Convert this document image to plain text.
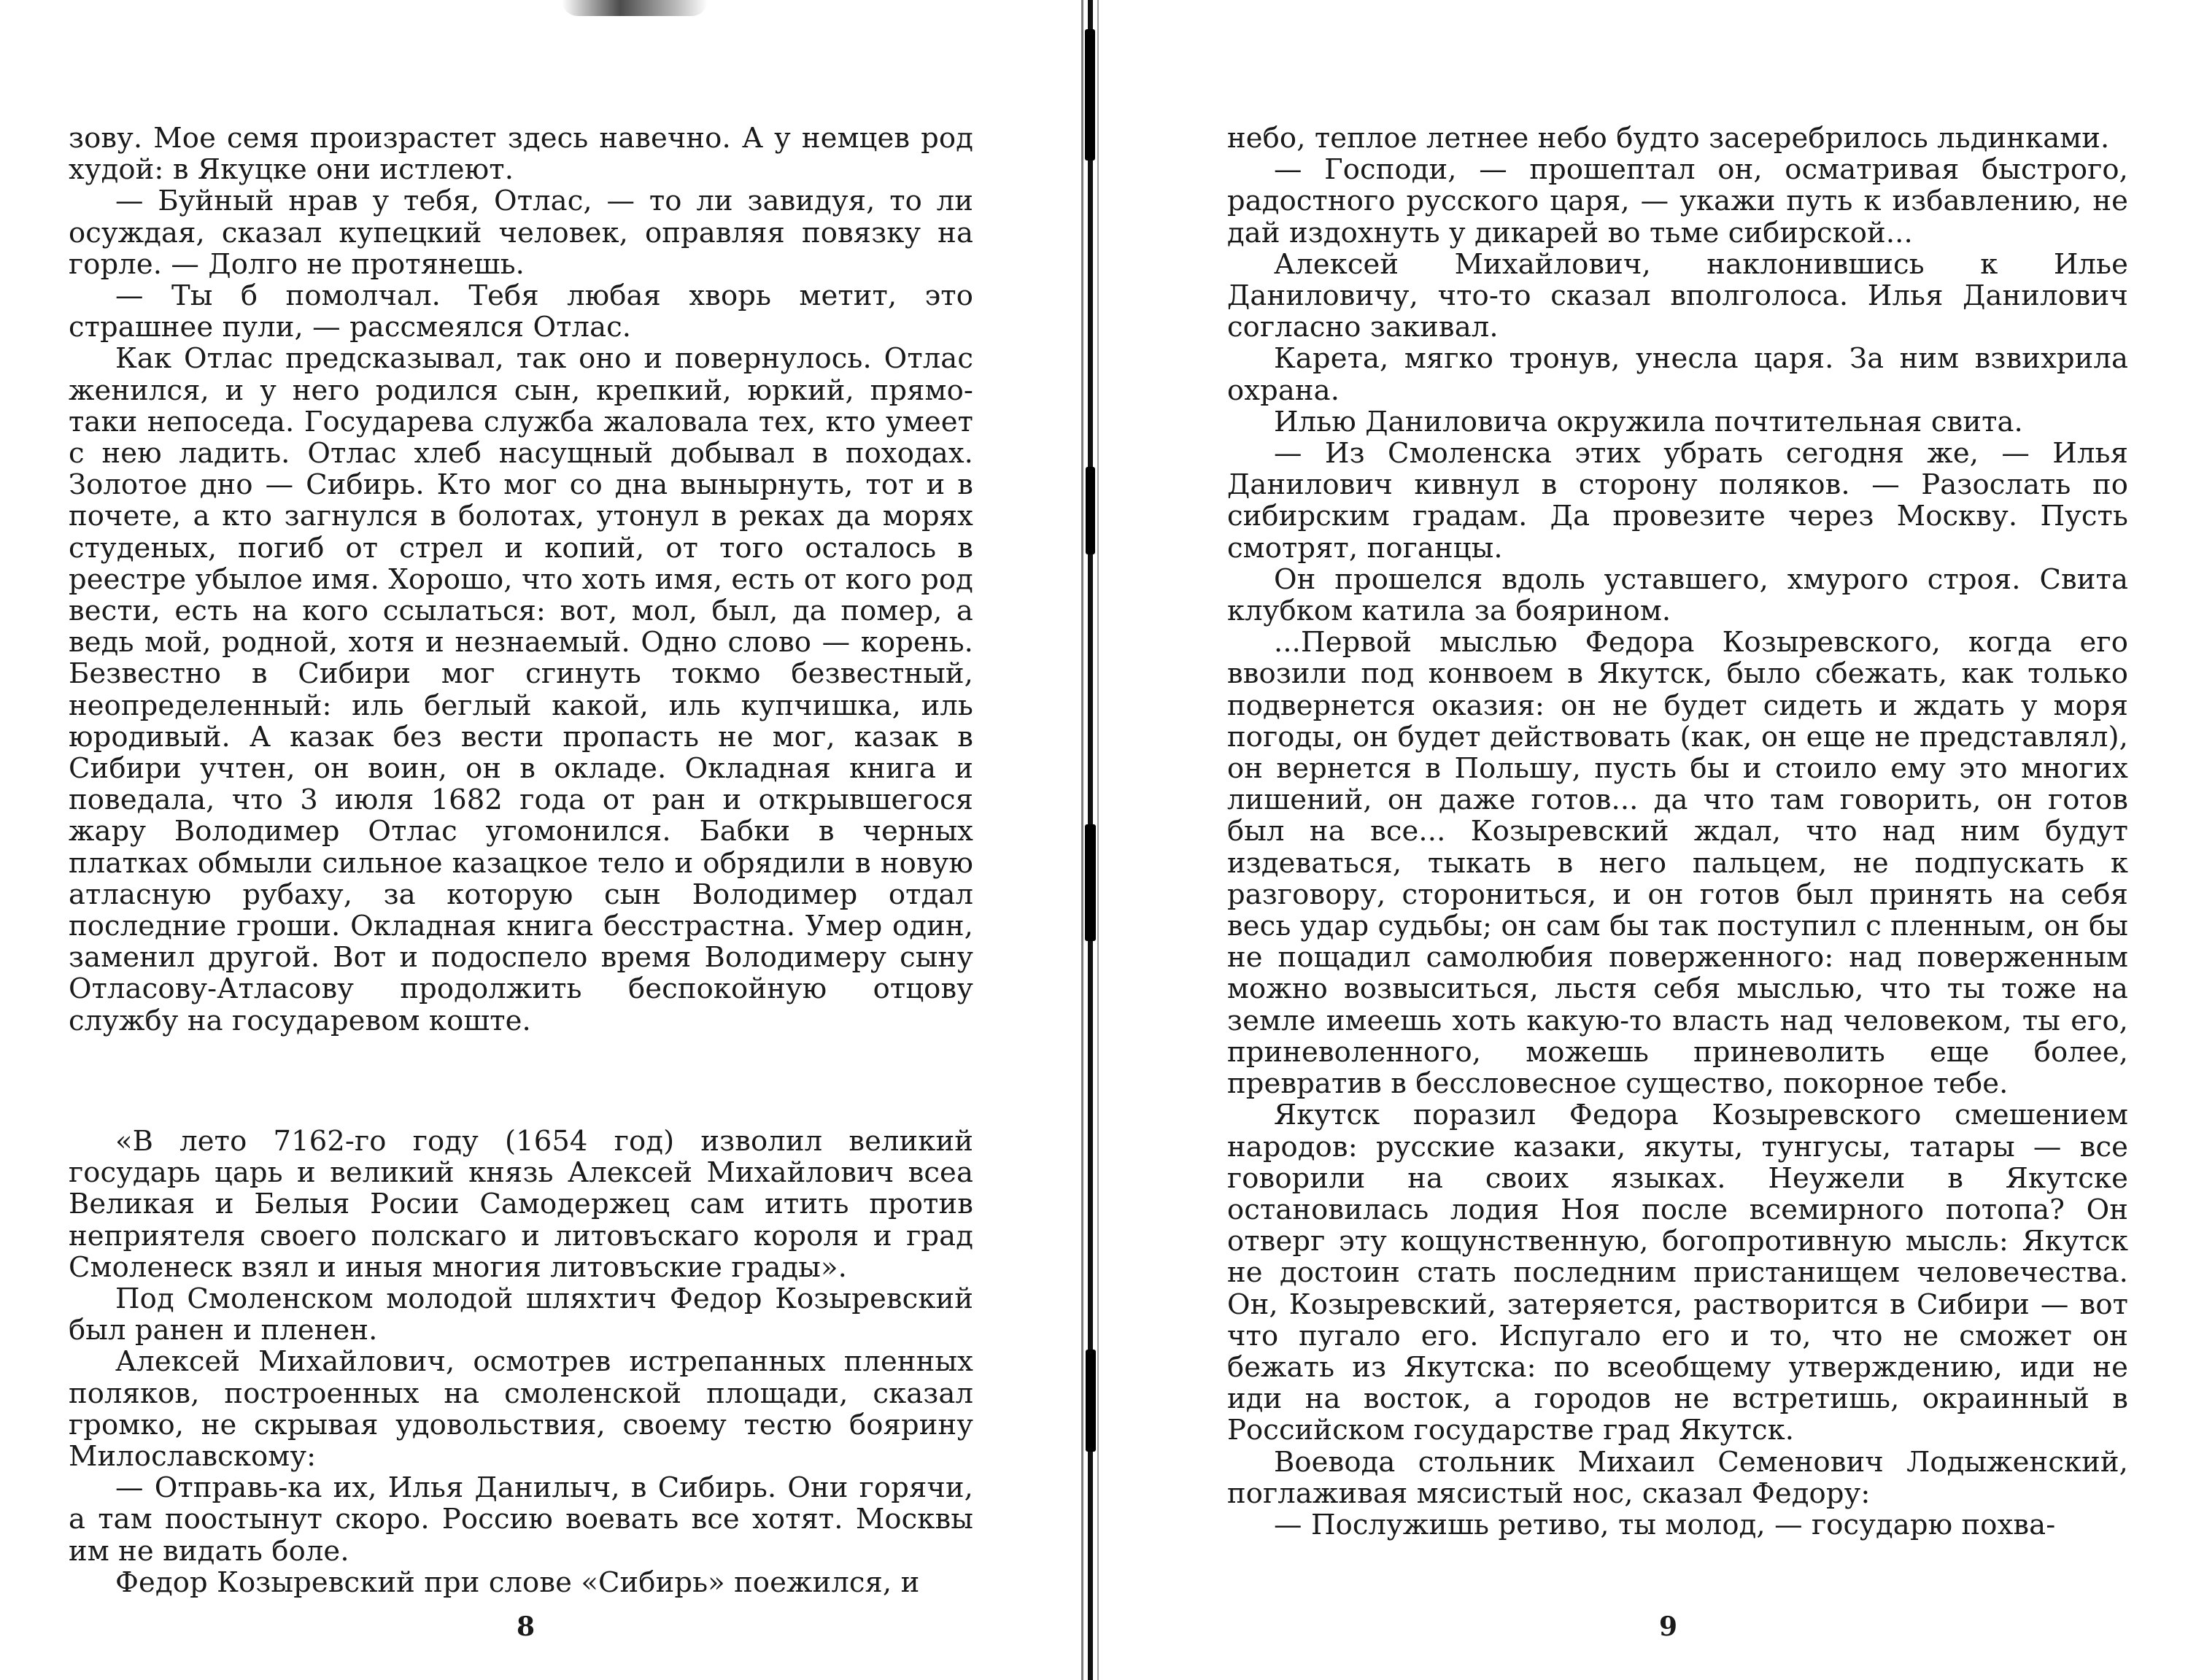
зову. Мое семя произрастет здесь навечно. А у немцев род худой: в Якуцке они истлеют.

— Буйный нрав у тебя, Отлас, — то ли завидуя, то ли осуждая, сказал купецкий человек, оправляя повязку на горле. — Долго не протянешь.

— Ты б помолчал. Тебя любая хворь метит, это страшнее пули, — рассмеялся Отлас.

Как Отлас предсказывал, так оно и повернулось. Отлас женился, и у него родился сын, крепкий, юркий, прямо-таки непоседа. Государева служба жаловала тех, кто умеет с нею ладить. Отлас хлеб насущный добывал в походах. Золотое дно — Сибирь. Кто мог со дна вынырнуть, тот и в почете, а кто загнулся в болотах, утонул в реках да морях студеных, погиб от стрел и копий, от того осталось в реестре убылое имя. Хорошо, что хоть имя, есть от кого род вести, есть на кого ссылаться: вот, мол, был, да помер, а ведь мой, родной, хотя и незнаемый. Одно слово — корень. Безвестно в Сибири мог сгинуть токмо безвестный, неопределенный: иль беглый какой, иль купчишка, иль юродивый. А казак без вести пропасть не мог, казак в Сибири учтен, он воин, он в окладе. Окладная книга и поведала, что 3 июля 1682 года от ран и открывшегося жару Володимер Отлас угомонился. Бабки в черных платках обмыли сильное казацкое тело и обрядили в новую атласную рубаху, за которую сын Володимер отдал последние гроши. Окладная книга бесстрастна. Умер один, заменил другой. Вот и подоспело время Володимеру сыну Отласову-Атласову продолжить беспокойную отцову службу на государевом коште.

«В лето 7162-го году (1654 год) изволил великий государь царь и великий князь Алексей Михайлович всеа Великая и Белыя Росии Самодержец сам итить против неприятеля своего полскаго и литовъскаго короля и град Смоленеск взял и иныя многия литовъские грады».

Под Смоленском молодой шляхтич Федор Козыревский был ранен и пленен.

Алексей Михайлович, осмотрев истрепанных пленных поляков, построенных на смоленской площади, сказал громко, не скрывая удовольствия, своему тестю боярину Милославскому:

— Отправь-ка их, Илья Данилыч, в Сибирь. Они горячи, а там поостынут скоро. Россию воевать все хотят. Москвы им не видать боле.

Федор Козыревский при слове «Сибирь» поежился, и

8

небо, теплое летнее небо будто засеребрилось льдинками.

— Господи, — прошептал он, осматривая быстрого, радостного русского царя, — укажи путь к избавлению, не дай издохнуть у дикарей во тьме сибирской...

Алексей Михайлович, наклонившись к Илье Даниловичу, что-то сказал вполголоса. Илья Данилович согласно закивал.

Карета, мягко тронув, унесла царя. За ним взвихрила охрана.

Илью Даниловича окружила почтительная свита.

— Из Смоленска этих убрать сегодня же, — Илья Данилович кивнул в сторону поляков. — Разослать по сибирским градам. Да провезите через Москву. Пусть смотрят, поганцы.

Он прошелся вдоль уставшего, хмурого строя. Свита клубком катила за боярином.

...Первой мыслью Федора Козыревского, когда его ввозили под конвоем в Якутск, было сбежать, как только подвернется оказия: он не будет сидеть и ждать у моря погоды, он будет действовать (как, он еще не представлял), он вернется в Польшу, пусть бы и стоило ему это многих лишений, он даже готов... да что там говорить, он готов был на все... Козыревский ждал, что над ним будут издеваться, тыкать в него пальцем, не подпускать к разговору, сторониться, и он готов был принять на себя весь удар судьбы; он сам бы так поступил с пленным, он бы не пощадил самолюбия поверженного: над поверженным можно возвыситься, льстя себя мыслью, что ты тоже на земле имеешь хоть какую-то власть над человеком, ты его, приневоленного, можешь приневолить еще более, превратив в бессловесное существо, покорное тебе.

Якутск поразил Федора Козыревского смешением народов: русские казаки, якуты, тунгусы, татары — все говорили на своих языках. Неужели в Якутске остановилась лодия Ноя после всемирного потопа? Он отверг эту кощунственную, богопротивную мысль: Якутск не достоин стать последним пристанищем человечества. Он, Козыревский, затеряется, растворится в Сибири — вот что пугало его. Испугало его и то, что не сможет он бежать из Якутска: по всеобщему утверждению, иди не иди на восток, а городов не встретишь, окраинный в Российском государстве град Якутск.

Воевода стольник Михаил Семенович Лодыженский, поглаживая мясистый нос, сказал Федору:

— Послужишь ретиво, ты молод, — государю похва-

9
